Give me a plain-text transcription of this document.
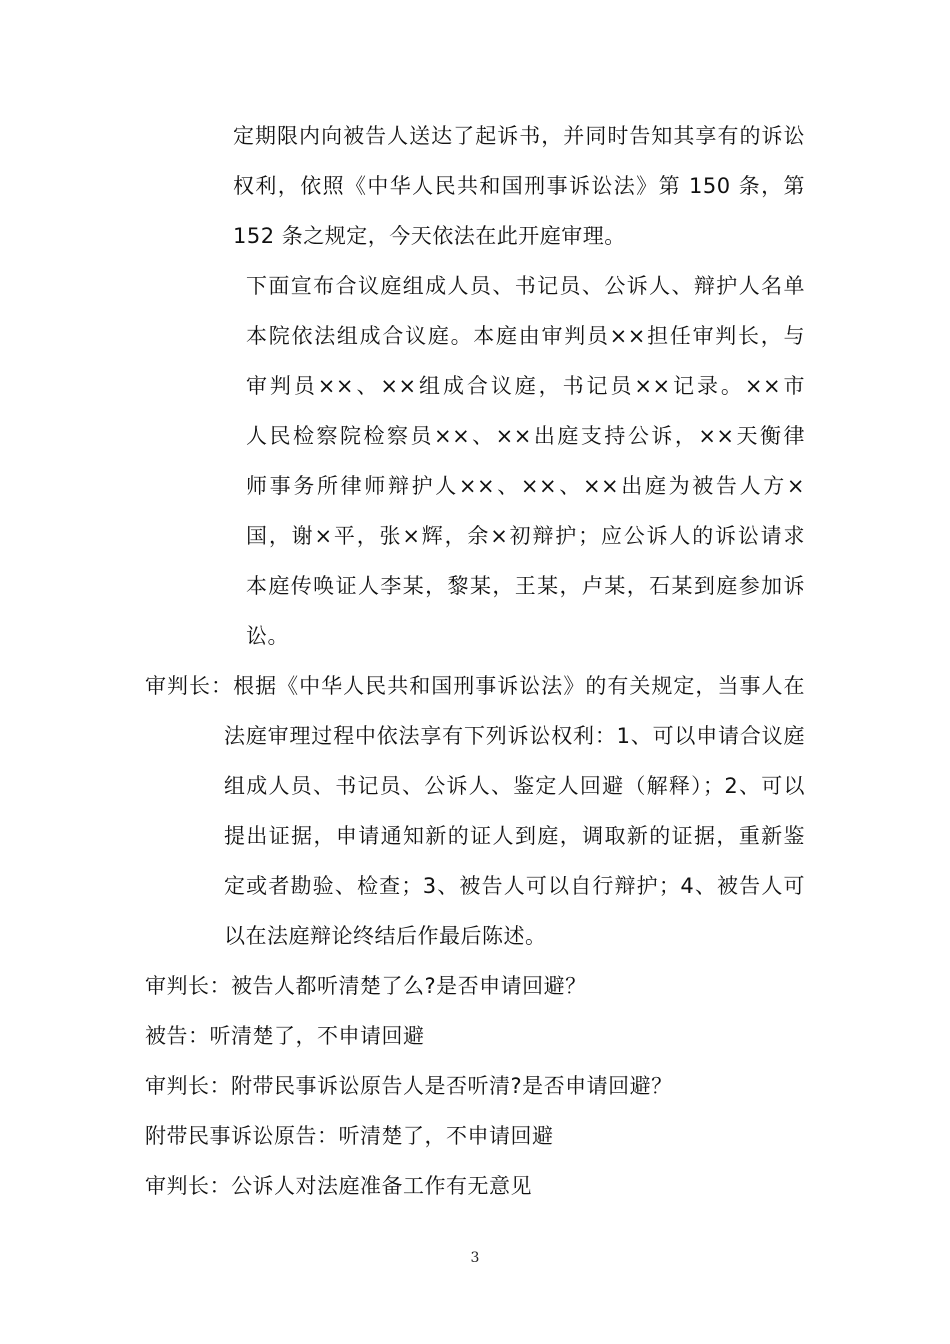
定期限内向被告人送达了起诉书，并同时告知其享有的诉讼
权利，依照《中华人民共和国刑事诉讼法》第 150 条，第
152 条之规定，今天依法在此开庭审理。
下面宣布合议庭组成人员、书记员、公诉人、辩护人名单
本院依法组成合议庭。本庭由审判员××担任审判长，与
审判员××、××组成合议庭，书记员××记录。××市
人民检察院检察员××、××出庭支持公诉，××天衡律
师事务所律师辩护人××、××、××出庭为被告人方×
国，谢×平，张×辉，余×初辩护；应公诉人的诉讼请求
本庭传唤证人李某，黎某，王某，卢某，石某到庭参加诉
讼。
审判长：根据《中华人民共和国刑事诉讼法》的有关规定，当事人在
法庭审理过程中依法享有下列诉讼权利：1、可以申请合议庭
组成人员、书记员、公诉人、鉴定人回避（解释）；2、可以
提出证据，申请通知新的证人到庭，调取新的证据，重新鉴
定或者勘验、检查；3、被告人可以自行辩护；4、被告人可
以在法庭辩论终结后作最后陈述。
审判长：被告人都听清楚了么?是否申请回避？
被告：听清楚了，不申请回避
审判长：附带民事诉讼原告人是否听清?是否申请回避？
附带民事诉讼原告：听清楚了，不申请回避
审判长：公诉人对法庭准备工作有无意见
3
